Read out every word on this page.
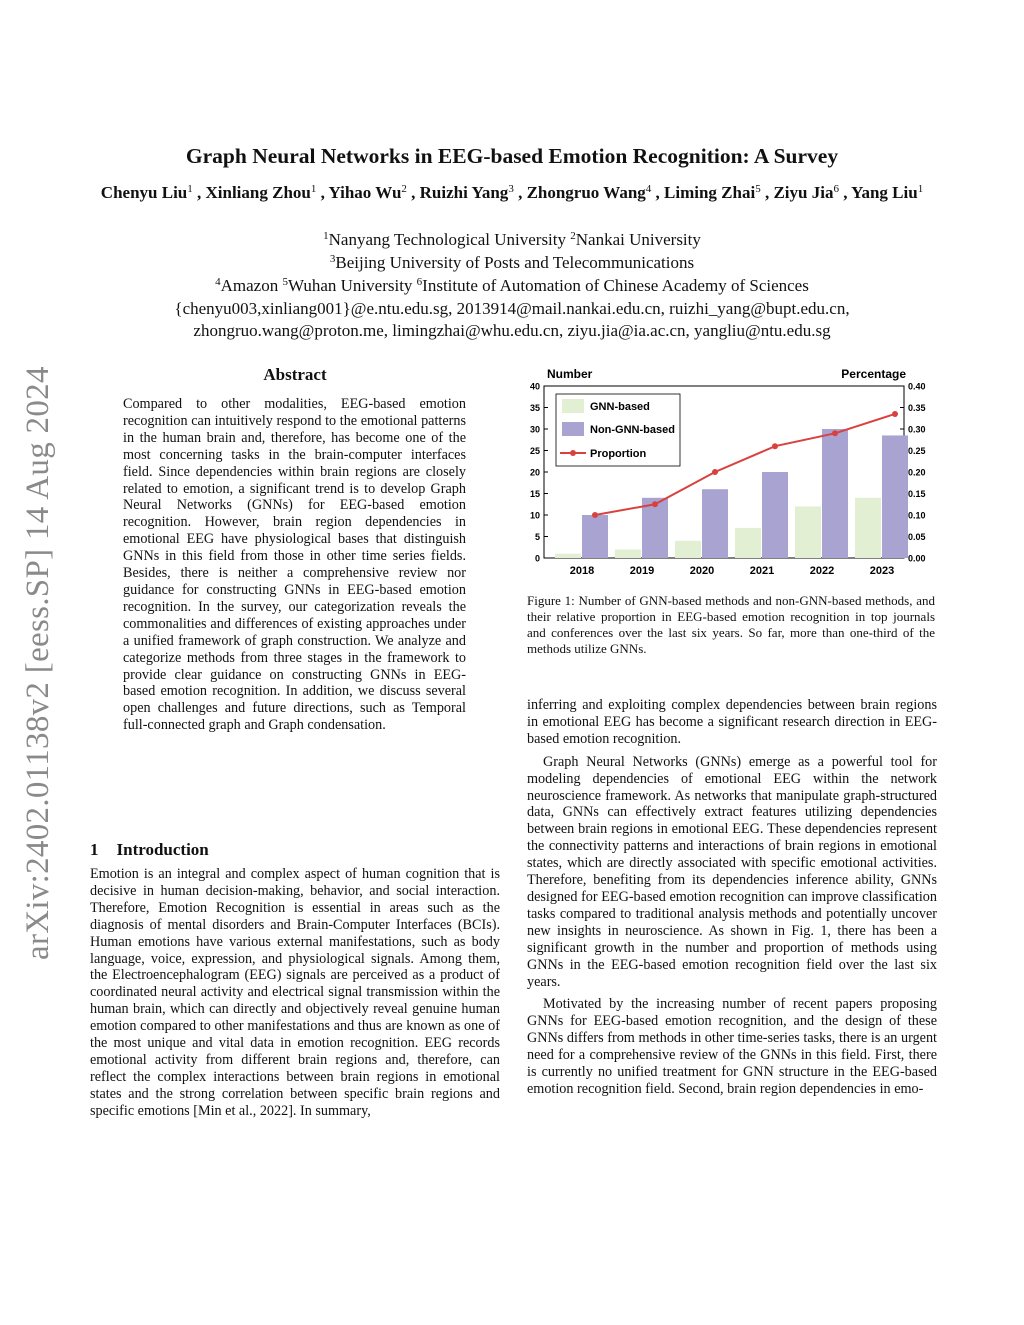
arXiv:2402.01138v2 [eess.SP] 14 Aug 2024
Graph Neural Networks in EEG-based Emotion Recognition: A Survey
Chenyu Liu$^1$ , Xinliang Zhou$^1$ , Yihao Wu$^2$ , Ruizhi Yang$^3$ , Zhongruo Wang$^4$ , Liming Zhai$^5$ , Ziyu Jia$^6$ , Yang Liu$^1$
$^1$Nanyang Technological University $^2$Nankai University
$^3$Beijing University of Posts and Telecommunications
$^4$Amazon $^5$Wuhan University $^6$Institute of Automation of Chinese Academy of Sciences
{chenyu003,xinliang001}@e.ntu.edu.sg, 2013914@mail.nankai.edu.cn, ruizhi_yang@bupt.edu.cn,
zhongruo.wang@proton.me, limingzhai@whu.edu.cn, ziyu.jia@ia.ac.cn, yangliu@ntu.edu.sg
Abstract

Compared to other modalities, EEG-based emotion recognition can intuitively respond to the emotional patterns in the human brain and, therefore, has become one of the most concerning tasks in the brain-computer interfaces field. Since dependencies within brain regions are closely related to emotion, a significant trend is to develop Graph Neural Networks (GNNs) for EEG-based emotion recognition. However, brain region dependencies in emotional EEG have physiological bases that distinguish GNNs in this field from those in other time series fields. Besides, there is neither a comprehensive review nor guidance for constructing GNNs in EEG-based emotion recognition. In the survey, our categorization reveals the commonalities and differences of existing approaches under a unified framework of graph construction. We analyze and categorize methods from three stages in the framework to provide clear guidance on constructing GNNs in EEG-based emotion recognition. In addition, we discuss several open challenges and future directions, such as Temporal full-connected graph and Graph condensation.

1 Introduction

Emotion is an integral and complex aspect of human cognition that is decisive in human decision-making, behavior, and social interaction. Therefore, Emotion Recognition is essential in areas such as the diagnosis of mental disorders and Brain-Computer Interfaces (BCIs). Human emotions have various external manifestations, such as body language, voice, expression, and physiological signals. Among them, the Electroencephalogram (EEG) signals are perceived as a product of coordinated neural activity and electrical signal transmission within the human brain, which can directly and objectively reveal genuine human emotion compared to other manifestations and thus are known as one of the most unique and vital data in emotion recognition. EEG records emotional activity from different brain regions and, therefore, can reflect the complex interactions between brain regions in emotional states and the strong correlation between specific brain regions and specific emotions [Min et al., 2022]. In summary,

0
5
10
15
20
25
30
35
40
0.00
0.05
0.10
0.15
0.20
0.25
0.30
0.35
0.40
Number	Percentage
2018	2019	2020	2021	2022	2023
GNN-based
Non-GNN-based
Proportion
Figure 1: Number of GNN-based methods and non-GNN-based methods, and their relative proportion in EEG-based emotion recognition in top journals and conferences over the last six years. So far, more than one-third of the methods utilize GNNs.

inferring and exploiting complex dependencies between brain regions in emotional EEG has become a significant research direction in EEG-based emotion recognition.

Graph Neural Networks (GNNs) emerge as a powerful tool for modeling dependencies of emotional EEG within the network neuroscience framework. As networks that manipulate graph-structured data, GNNs can effectively extract features utilizing dependencies between brain regions in emotional EEG. These dependencies represent the connectivity patterns and interactions of brain regions in emotional states, which are directly associated with specific emotional activities. Therefore, benefiting from its dependencies inference ability, GNNs designed for EEG-based emotion recognition can improve classification tasks compared to traditional analysis methods and potentially uncover new insights in neuroscience. As shown in Fig. 1, there has been a significant growth in the number and proportion of methods using GNNs in the EEG-based emotion recognition field over the last six years.

Motivated by the increasing number of recent papers proposing GNNs for EEG-based emotion recognition, and the design of these GNNs differs from methods in other time-series tasks, there is an urgent need for a comprehensive review of the GNNs in this field. First, there is currently no unified treatment for GNN structure in the EEG-based emotion recognition field. Second, brain region dependencies in emo-
